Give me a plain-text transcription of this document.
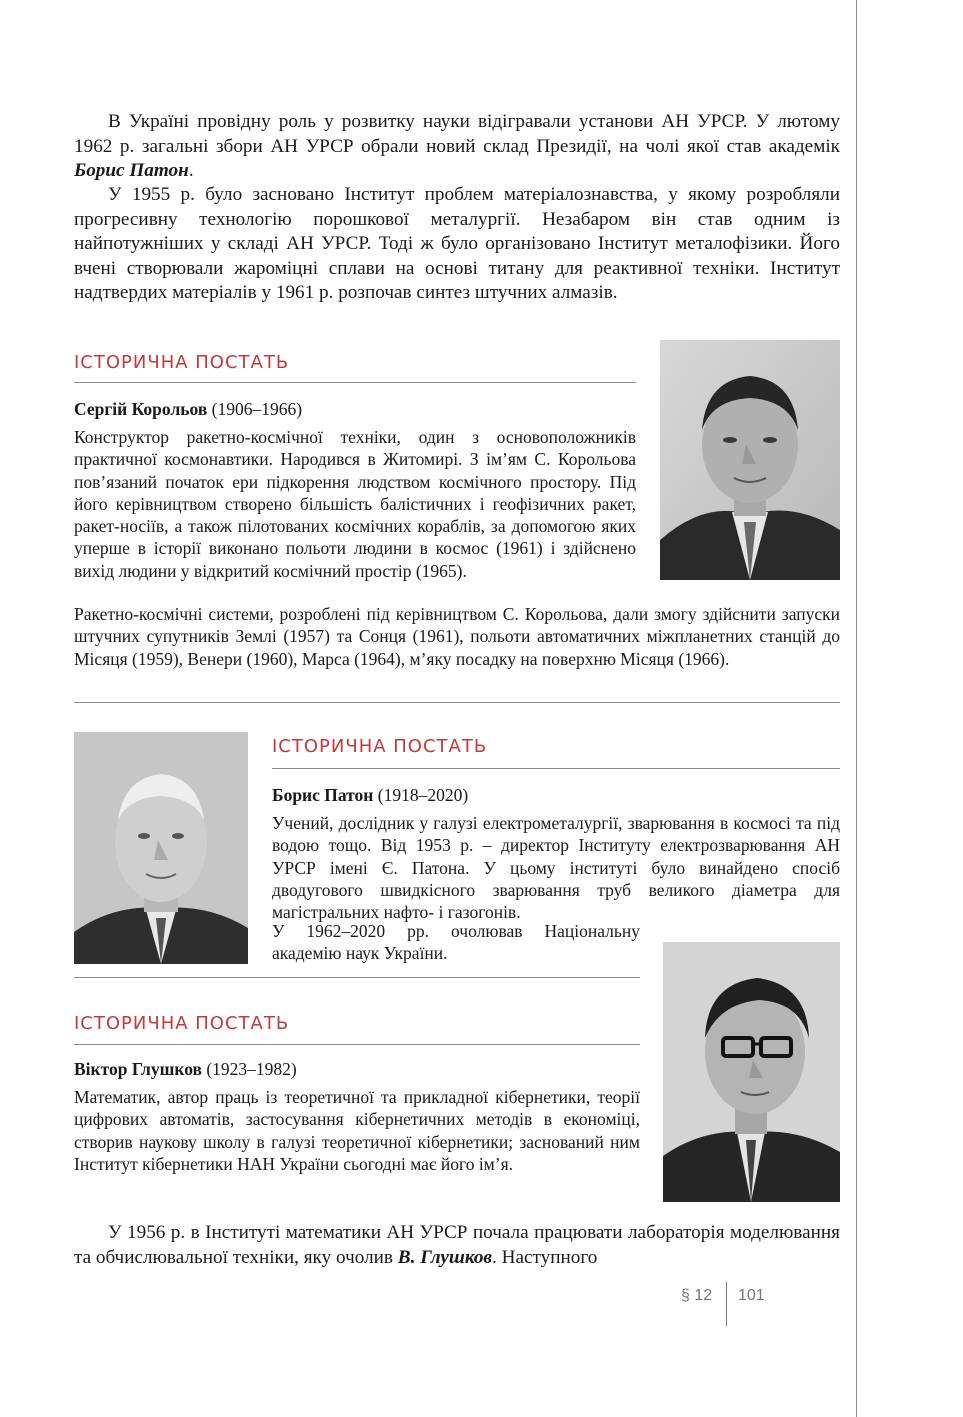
В Україні провідну роль у розвитку науки відігравали установи АН УРСР. У лютому 1962 р. загальні збори АН УРСР обрали новий склад Президії, на чолі якої став академік Борис Патон.

У 1955 р. було засновано Інститут проблем матеріалознавства, у якому розробляли прогресивну технологію порошкової металургії. Незабаром він став одним із найпотужніших у складі АН УРСР. Тоді ж було організовано Інститут металофізики. Його вчені створювали жароміцні сплави на основі титану для реактивної техніки. Інститут надтвердих матеріалів у 1961 р. розпочав синтез штучних алмазів.

ІСТОРИЧНА ПОСТАТЬ

Сергій Корольов (1906–1966)

Конструктор ракетно-космічної техніки, один з основоположників практичної космонавтики. Народився в Житомирі. З ім’ям С. Корольова пов’язаний початок ери підкорення людством космічного простору. Під його керівництвом створено більшість балістичних і геофізичних ракет, ракет-носіїв, а також пілотованих космічних кораблів, за допомогою яких уперше в історії виконано польоти людини в космос (1961) і здійснено вихід людини у відкритий космічний простір (1965).

Ракетно-космічні системи, розроблені під керівництвом С. Корольова, дали змогу здійснити запуски штучних супутників Землі (1957) та Сонця (1961), польоти автоматичних міжпланетних станцій до Місяця (1959), Венери (1960), Марса (1964), м’яку посадку на поверхню Місяця (1966).

ІСТОРИЧНА ПОСТАТЬ

Борис Патон (1918–2020)

Учений, дослідник у галузі електрометалургії, зварювання в космосі та під водою тощо. Від 1953 р. – директор Інституту електрозварювання АН УРСР імені Є. Патона. У цьому інституті було винайдено спосіб дводугового швидкісного зварювання труб великого діаметра для магістральних нафто- і газогонів.

У 1962–2020 рр. очолював Національну академію наук України.

ІСТОРИЧНА ПОСТАТЬ

Віктор Глушков (1923–1982)

Математик, автор праць із теоретичної та прикладної кібернетики, теорії цифрових автоматів, застосування кібернетичних методів в економіці, створив наукову школу в галузі теоретичної кібернетики; заснований ним Інститут кібернетики НАН України сьогодні має його ім’я.

У 1956 р. в Інституті математики АН УРСР почала працювати лабораторія моделювання та обчислювальної техніки, яку очолив В. Глушков. Наступного

§ 12 101
